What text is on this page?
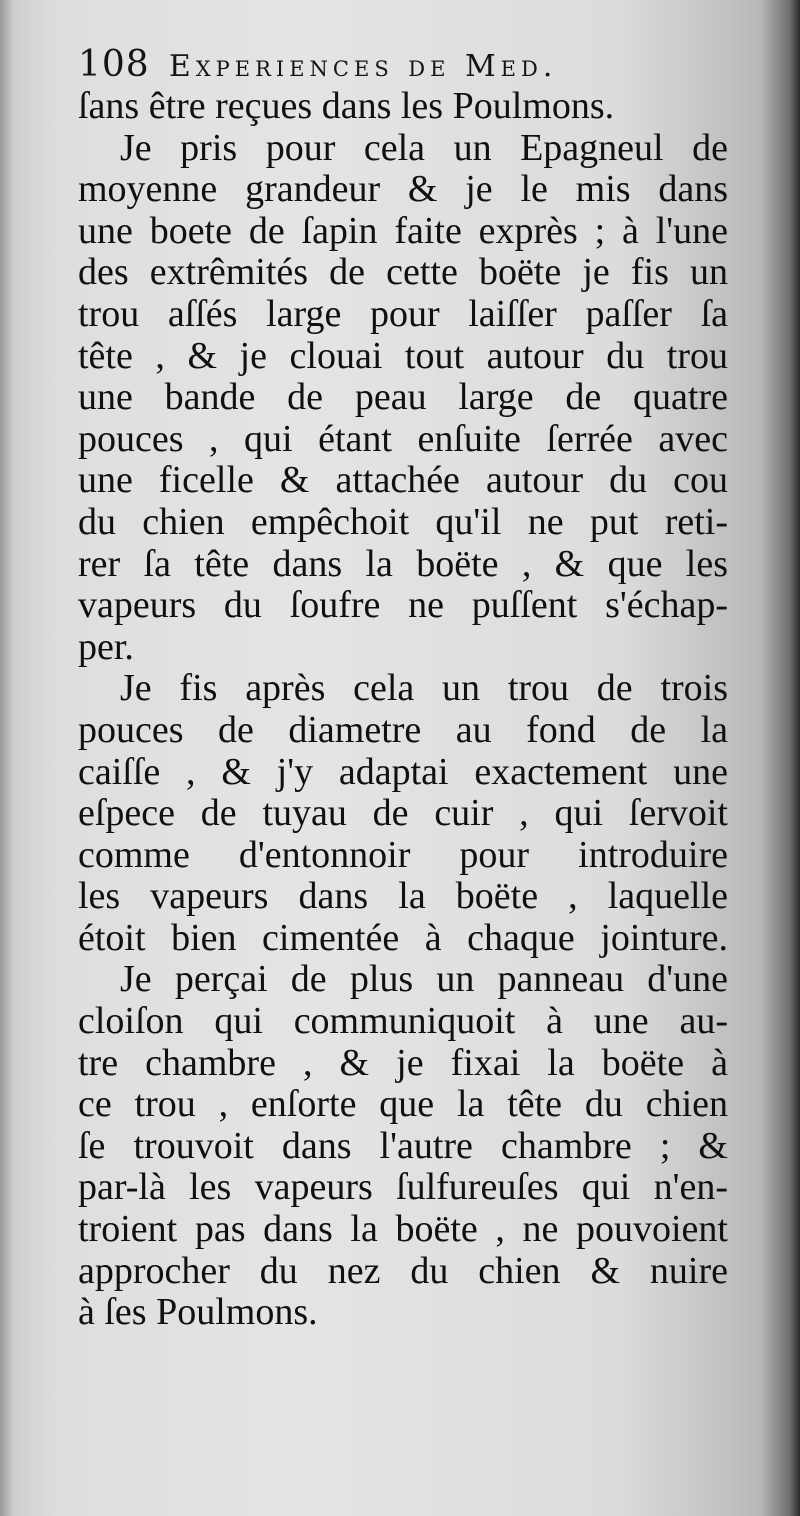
108 Experiences de Med.
ſans être reçues dans les Poulmons.
Je pris pour cela un Epagneul de
moyenne grandeur & je le mis dans
une boete de ſapin faite exprès ; à l'une
des extrêmités de cette boëte je fis un
trou aſſés large pour laiſſer paſſer ſa
tête , & je clouai tout autour du trou
une bande de peau large de quatre
pouces , qui étant enſuite ſerrée avec
une ficelle & attachée autour du cou
du chien empêchoit qu'il ne put reti-
rer ſa tête dans la boëte , & que les
vapeurs du ſoufre ne puſſent s'échap-
per.
Je fis après cela un trou de trois
pouces de diametre au fond de la
caiſſe , & j'y adaptai exactement une
eſpece de tuyau de cuir , qui ſervoit
comme d'entonnoir pour introduire
les vapeurs dans la boëte , laquelle
étoit bien cimentée à chaque jointure.
Je perçai de plus un panneau d'une
cloiſon qui communiquoit à une au-
tre chambre , & je fixai la boëte à
ce trou , enſorte que la tête du chien
ſe trouvoit dans l'autre chambre ; &
par-là les vapeurs ſulfureuſes qui n'en-
troient pas dans la boëte , ne pouvoient
approcher du nez du chien & nuire
à ſes Poulmons.
